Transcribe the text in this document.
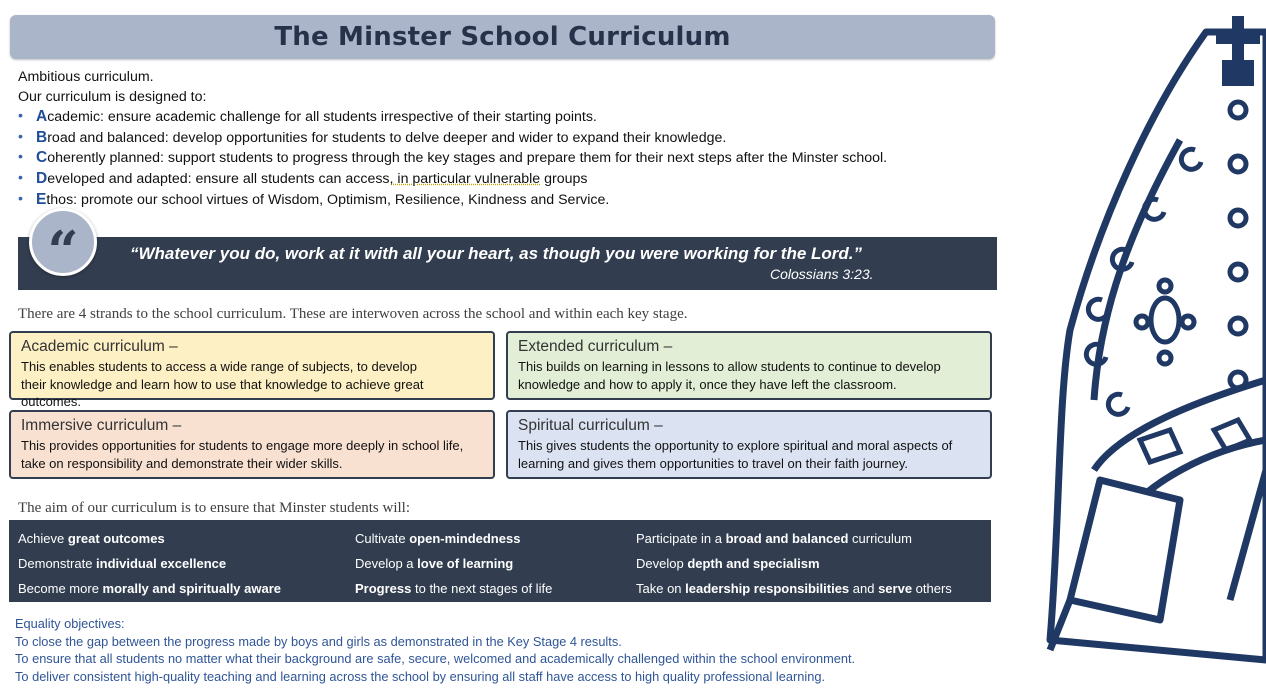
The Minster School Curriculum
Ambitious curriculum.
Our curriculum is designed to:
• Academic: ensure academic challenge for all students irrespective of their starting points.
• Broad and balanced: develop opportunities for students to delve deeper and wider to expand their knowledge.
• Coherently planned: support students to progress through the key stages and prepare them for their next steps after the Minster school.
• Developed and adapted: ensure all students can access, in particular vulnerable groups
• Ethos: promote our school virtues of Wisdom, Optimism, Resilience, Kindness and Service.
“	“Whatever you do, work at it with all your heart, as though you were working for the Lord.”
Colossians 3:23.
There are 4 strands to the school curriculum. These are interwoven across the school and within each key stage.
Academic curriculum –
This enables students to access a wide range of subjects, to develop
their knowledge and learn how to use that knowledge to achieve great outcomes.
Extended curriculum –
This builds on learning in lessons to allow students to continue to develop
knowledge and how to apply it, once they have left the classroom.
Immersive curriculum –
This provides opportunities for students to engage more deeply in school life,
take on responsibility and demonstrate their wider skills.
Spiritual curriculum –
This gives students the opportunity to explore spiritual and moral aspects of
learning and gives them opportunities to travel on their faith journey.
The aim of our curriculum is to ensure that Minster students will:
Achieve great outcomes	Cultivate open-mindedness	Participate in a broad and balanced curriculum
Demonstrate individual excellence	Develop a love of learning	Develop depth and specialism
Become more morally and spiritually aware	Progress to the next stages of life	Take on leadership responsibilities and serve others
Equality objectives:
To close the gap between the progress made by boys and girls as demonstrated in the Key Stage 4 results.
To ensure that all students no matter what their background are safe, secure, welcomed and academically challenged within the school environment.
To deliver consistent high-quality teaching and learning across the school by ensuring all staff have access to high quality professional learning.
